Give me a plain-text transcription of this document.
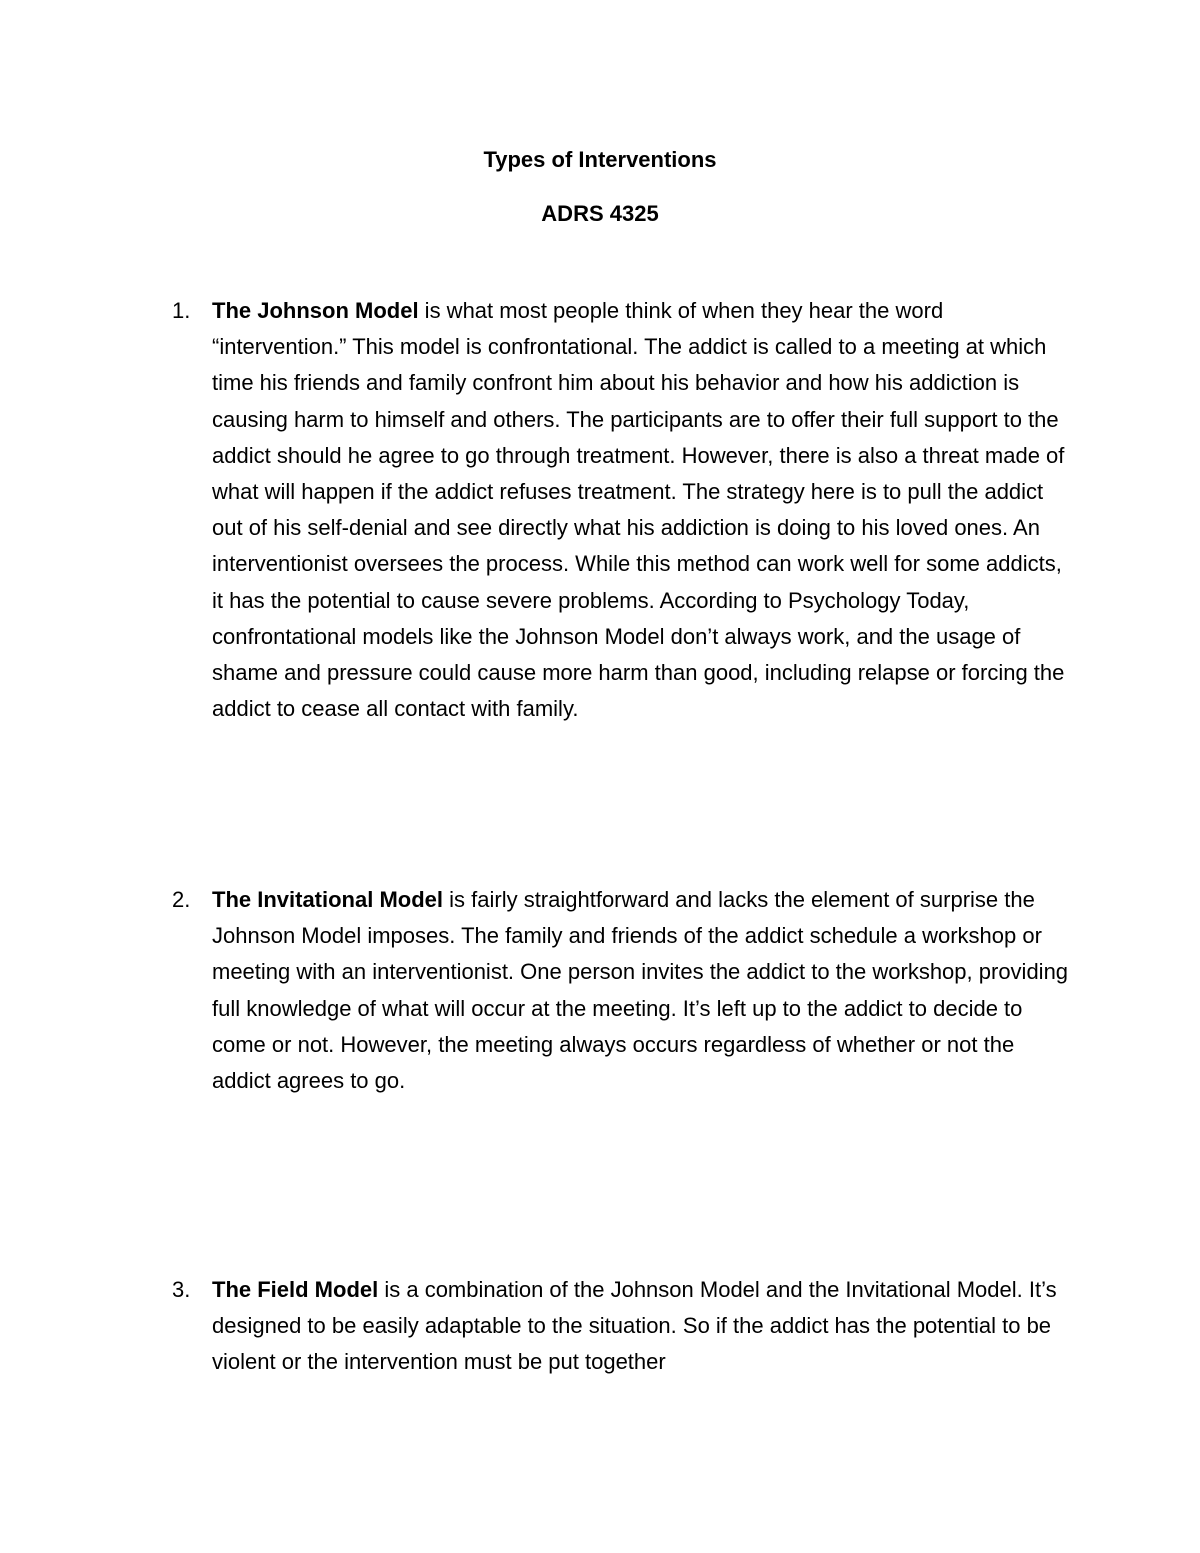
Types of Interventions

ADRS 4325

1. The Johnson Model is what most people think of when they hear the word “intervention.” This model is confrontational. The addict is called to a meeting at which time his friends and family confront him about his behavior and how his addiction is causing harm to himself and others. The participants are to offer their full support to the addict should he agree to go through treatment. However, there is also a threat made of what will happen if the addict refuses treatment. The strategy here is to pull the addict out of his self-denial and see directly what his addiction is doing to his loved ones. An interventionist oversees the process. While this method can work well for some addicts, it has the potential to cause severe problems. According to Psychology Today, confrontational models like the Johnson Model don’t always work, and the usage of shame and pressure could cause more harm than good, including relapse or forcing the addict to cease all contact with family.
2. The Invitational Model is fairly straightforward and lacks the element of surprise the Johnson Model imposes. The family and friends of the addict schedule a workshop or meeting with an interventionist. One person invites the addict to the workshop, providing full knowledge of what will occur at the meeting. It’s left up to the addict to decide to come or not. However, the meeting always occurs regardless of whether or not the addict agrees to go.
3. The Field Model is a combination of the Johnson Model and the Invitational Model. It’s designed to be easily adaptable to the situation. So if the addict has the potential to be violent or the intervention must be put together
